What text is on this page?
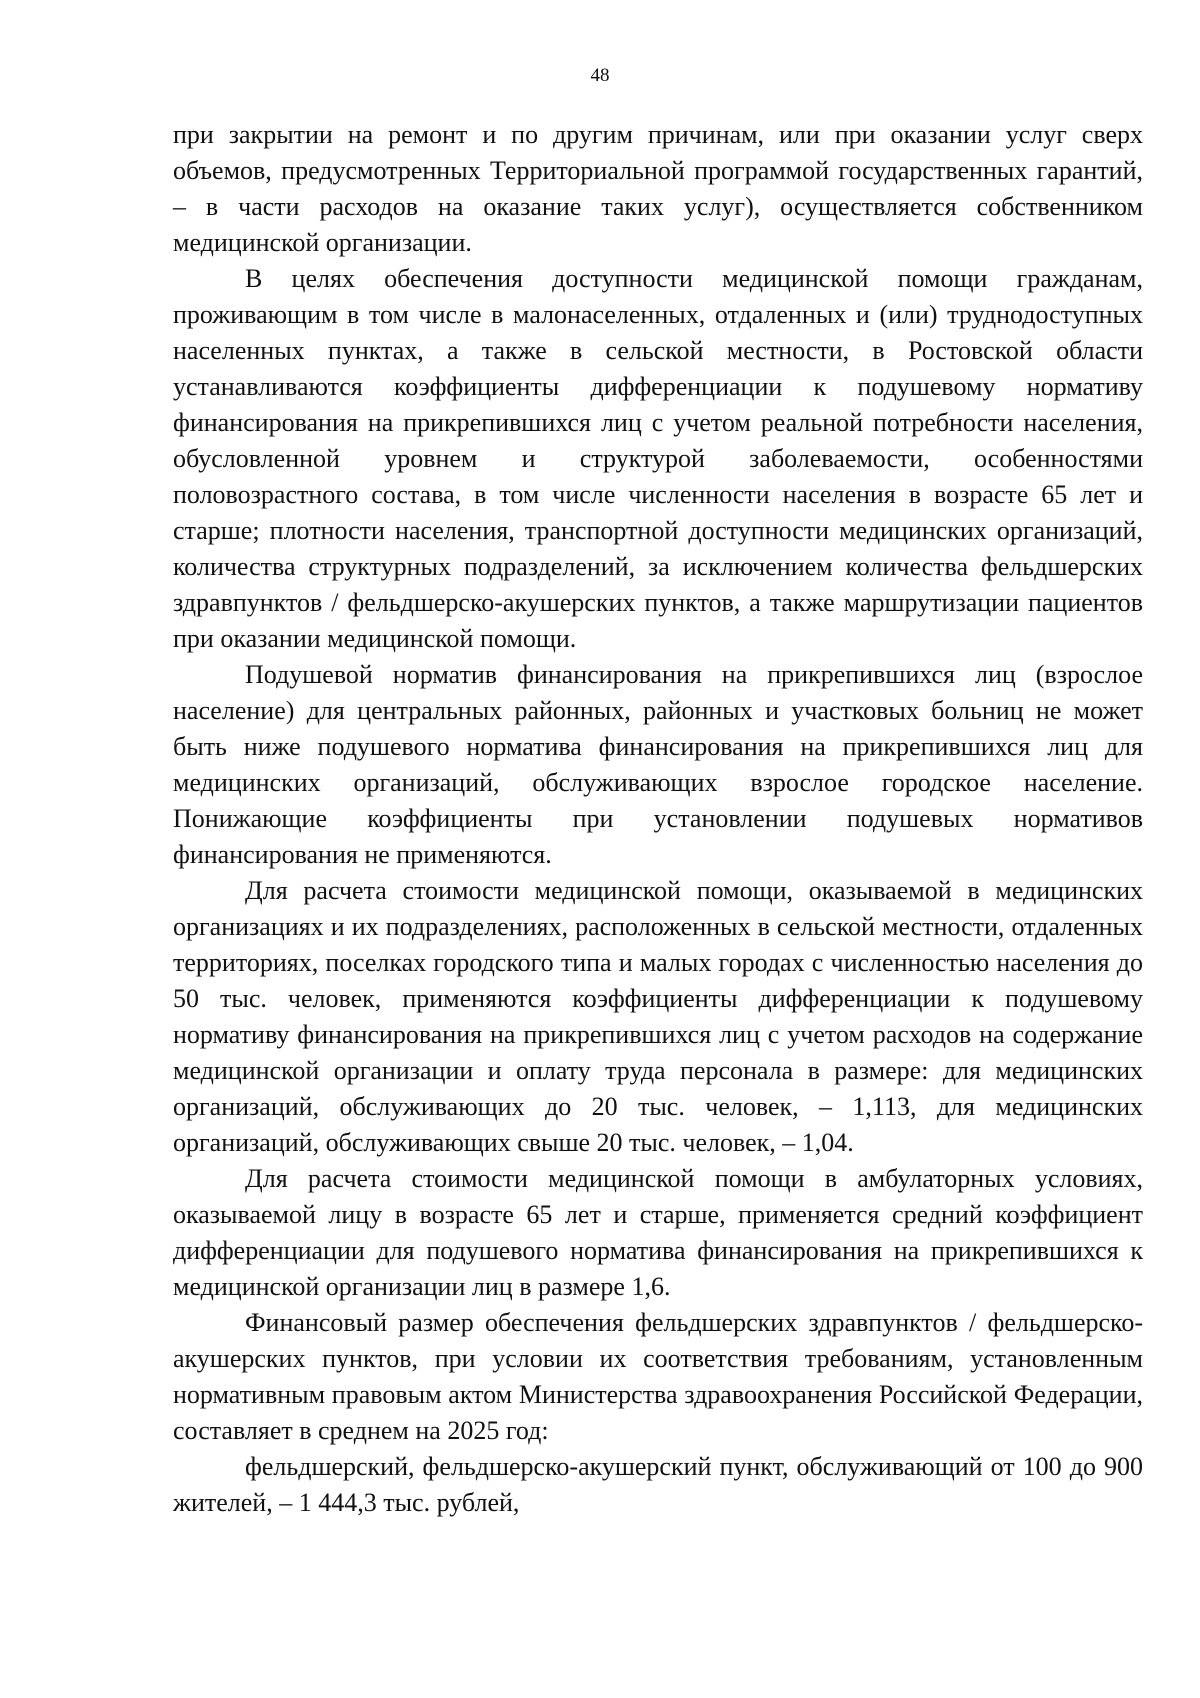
48

при закрытии на ремонт и по другим причинам, или при оказании услуг сверх объемов, предусмотренных Территориальной программой государственных гарантий, – в части расходов на оказание таких услуг), осуществляется собственником медицинской организации.

В целях обеспечения доступности медицинской помощи гражданам, проживающим в том числе в малонаселенных, отдаленных и (или) труднодоступных населенных пунктах, а также в сельской местности, в Ростовской области устанавливаются коэффициенты дифференциации к подушевому нормативу финансирования на прикрепившихся лиц с учетом реальной потребности населения, обусловленной уровнем и структурой заболеваемости, особенностями половозрастного состава, в том числе численности населения в возрасте 65 лет и старше; плотности населения, транспортной доступности медицинских организаций, количества структурных подразделений, за исключением количества фельдшерских здравпунктов / фельдшерско-акушерских пунктов, а также маршрутизации пациентов при оказании медицинской помощи.

Подушевой норматив финансирования на прикрепившихся лиц (взрослое население) для центральных районных, районных и участковых больниц не может быть ниже подушевого норматива финансирования на прикрепившихся лиц для медицинских организаций, обслуживающих взрослое городское население. Понижающие коэффициенты при установлении подушевых нормативов финансирования не применяются.

Для расчета стоимости медицинской помощи, оказываемой в медицинских организациях и их подразделениях, расположенных в сельской местности, отдаленных территориях, поселках городского типа и малых городах с численностью населения до 50 тыс. человек, применяются коэффициенты дифференциации к подушевому нормативу финансирования на прикрепившихся лиц с учетом расходов на содержание медицинской организации и оплату труда персонала в размере: для медицинских организаций, обслуживающих до 20 тыс. человек, – 1,113, для медицинских организаций, обслуживающих свыше 20 тыс. человек, – 1,04.

Для расчета стоимости медицинской помощи в амбулаторных условиях, оказываемой лицу в возрасте 65 лет и старше, применяется средний коэффициент дифференциации для подушевого норматива финансирования на прикрепившихся к медицинской организации лиц в размере 1,6.

Финансовый размер обеспечения фельдшерских здравпунктов / фельдшерско-акушерских пунктов, при условии их соответствия требованиям, установленным нормативным правовым актом Министерства здравоохранения Российской Федерации, составляет в среднем на 2025 год:

фельдшерский, фельдшерско-акушерский пункт, обслуживающий от 100 до 900 жителей, – 1 444,3 тыс. рублей,
